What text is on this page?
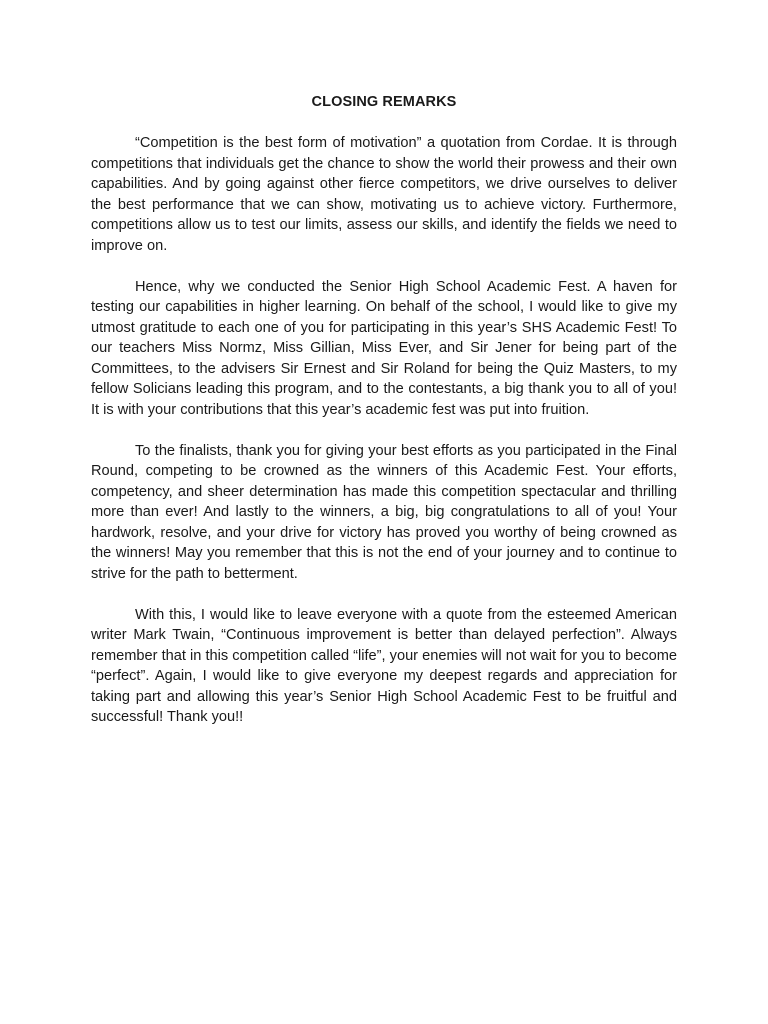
CLOSING REMARKS

“Competition is the best form of motivation” a quotation from Cordae. It is through competitions that individuals get the chance to show the world their prowess and their own capabilities. And by going against other fierce competitors, we drive ourselves to deliver the best performance that we can show, motivating us to achieve victory. Furthermore, competitions allow us to test our limits, assess our skills, and identify the fields we need to improve on.

Hence, why we conducted the Senior High School Academic Fest. A haven for testing our capabilities in higher learning. On behalf of the school, I would like to give my utmost gratitude to each one of you for participating in this year’s SHS Academic Fest! To our teachers Miss Normz, Miss Gillian, Miss Ever, and Sir Jener for being part of the Committees, to the advisers Sir Ernest and Sir Roland for being the Quiz Masters, to my fellow Solicians leading this program, and to the contestants, a big thank you to all of you! It is with your contributions that this year’s academic fest was put into fruition.

To the finalists, thank you for giving your best efforts as you participated in the Final Round, competing to be crowned as the winners of this Academic Fest. Your efforts, competency, and sheer determination has made this competition spectacular and thrilling more than ever! And lastly to the winners, a big, big congratulations to all of you! Your hardwork, resolve, and your drive for victory has proved you worthy of being crowned as the winners! May you remember that this is not the end of your journey and to continue to strive for the path to betterment.

With this, I would like to leave everyone with a quote from the esteemed American writer Mark Twain, “Continuous improvement is better than delayed perfection”. Always remember that in this competition called “life”, your enemies will not wait for you to become “perfect”. Again, I would like to give everyone my deepest regards and appreciation for taking part and allowing this year’s Senior High School Academic Fest to be fruitful and successful! Thank you!!
